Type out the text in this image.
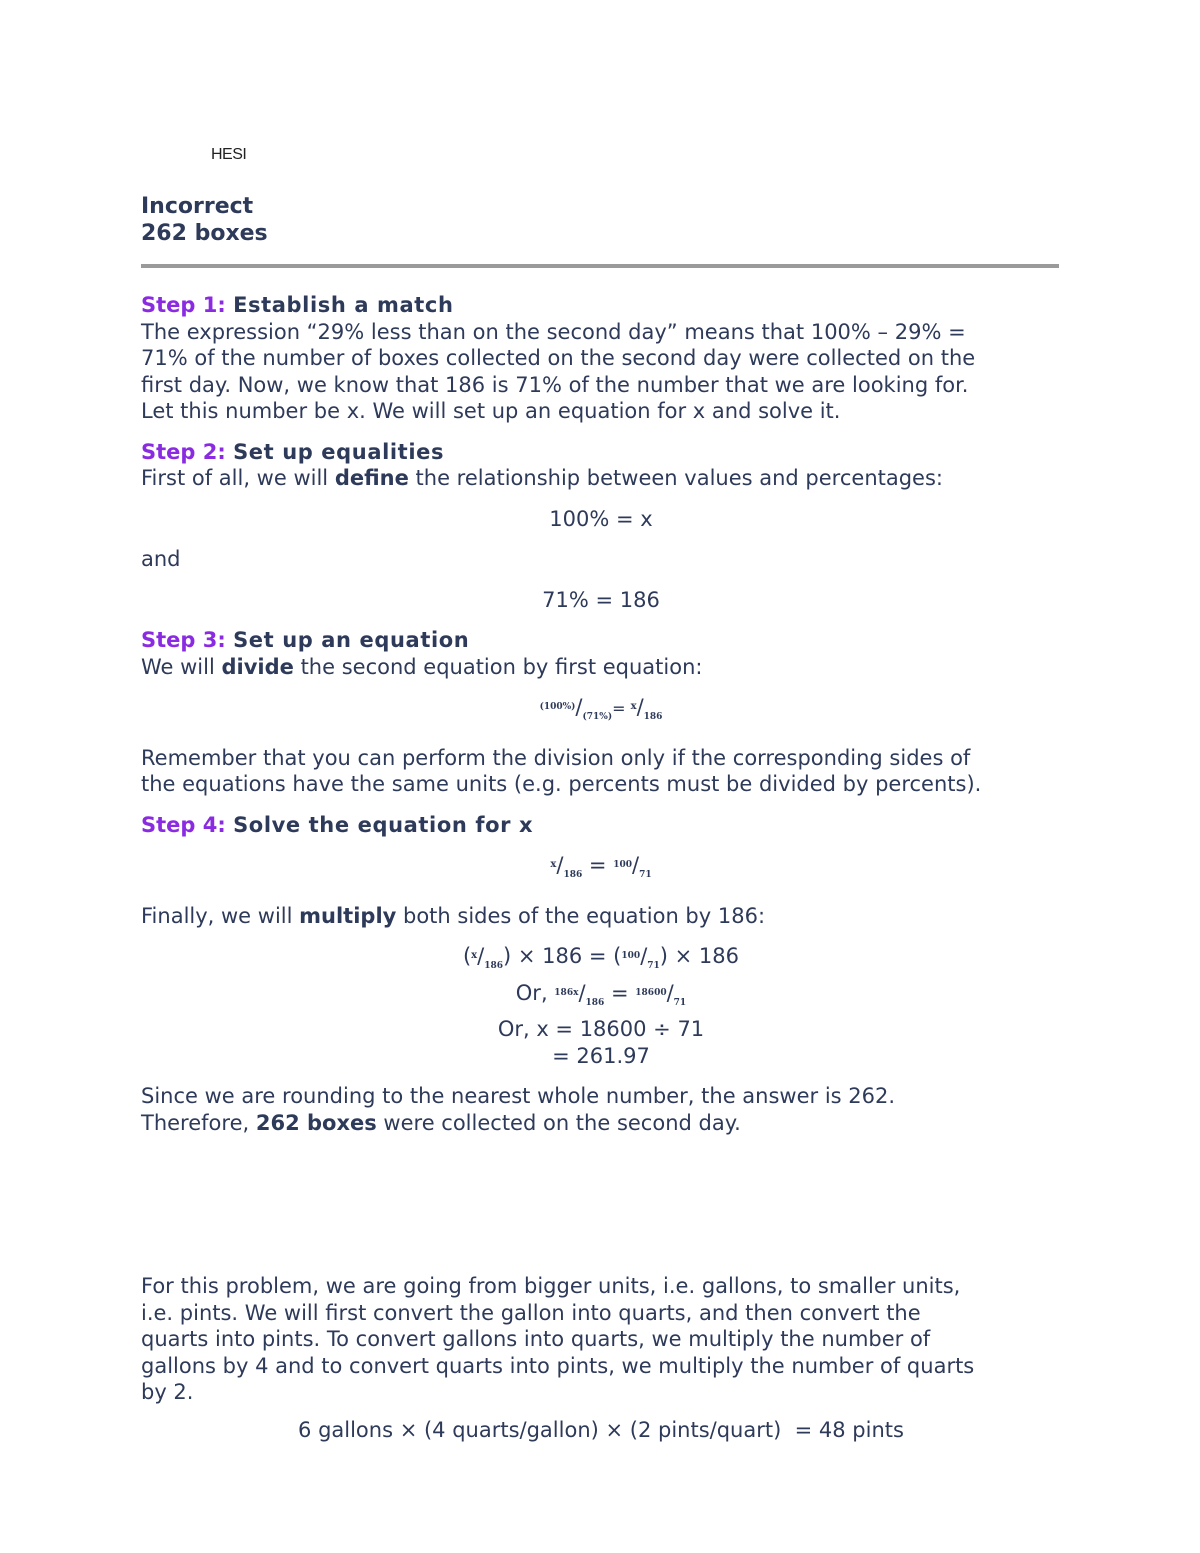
HESI
Incorrect
262 boxes

Step 1: Establish a match

The expression “29% less than on the second day” means that 100% – 29% =

71% of the number of boxes collected on the second day were collected on the

first day. Now, we know that 186 is 71% of the number that we are looking for.

Let this number be x. We will set up an equation for x and solve it.

Step 2: Set up equalities

First of all, we will define the relationship between values and percentages:

100% = x

and

71% = 186

Step 3: Set up an equation

We will divide the second equation by first equation:

$^{(100\%)}/_{(71\%)}= ^x/_{186}$

Remember that you can perform the division only if the corresponding sides of

the equations have the same units (e.g. percents must be divided by percents).

Step 4: Solve the equation for x

$^x/_{186} = ^{100}/_{71}$

Finally, we will multiply both sides of the equation by 186:

$(^x/_{186}) \times 186 = (^{100}/_{71}) \times 186$

Or, $^{186x}/_{186} = ^{18600}/_{71}$

Or, x = 18600 ÷ 71

= 261.97

Since we are rounding to the nearest whole number, the answer is 262.

Therefore, 262 boxes were collected on the second day.

For this problem, we are going from bigger units, i.e. gallons, to smaller units,

i.e. pints. We will first convert the gallon into quarts, and then convert the

quarts into pints. To convert gallons into quarts, we multiply the number of

gallons by 4 and to convert quarts into pints, we multiply the number of quarts

by 2.

6 gallons × (4 quarts/gallon) × (2 pints/quart)  = 48 pints
